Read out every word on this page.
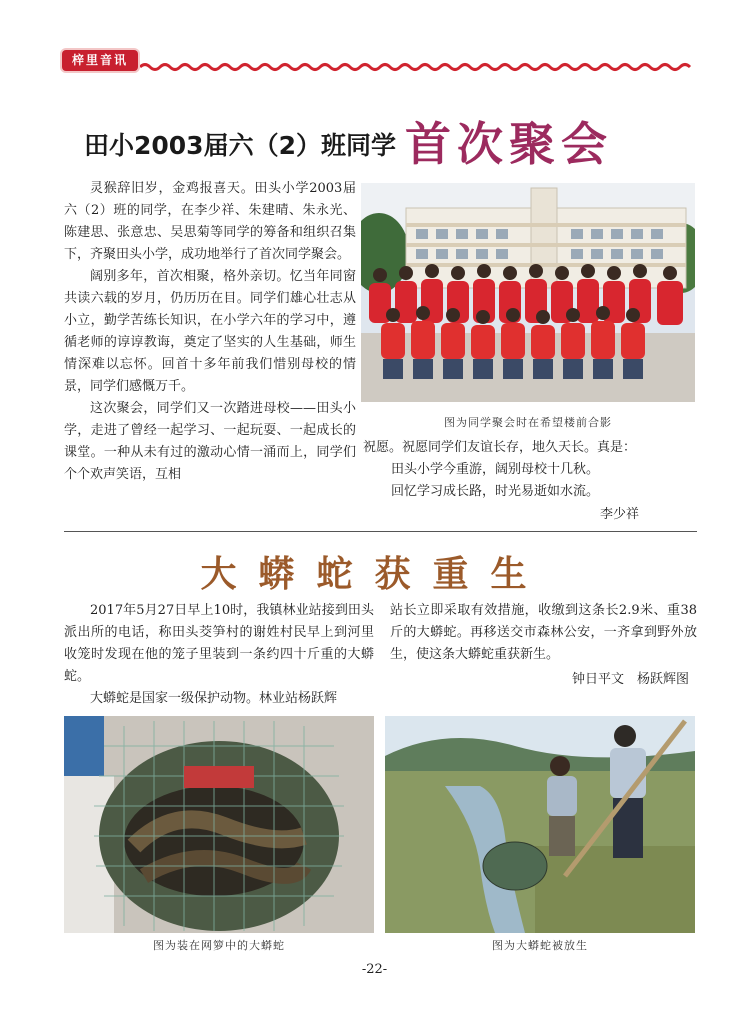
梓里音讯
田小2003届六（2）班同学 首次聚会

灵猴辞旧岁，金鸡报喜天。田头小学2003届六（2）班的同学，在李少祥、朱建晴、朱永光、陈建思、张意忠、吴思菊等同学的筹备和组织召集下，齐聚田头小学，成功地举行了首次同学聚会。

阔别多年，首次相聚，格外亲切。忆当年同窗共读六载的岁月，仍历历在目。同学们雄心壮志从小立，勤学苦练长知识，在小学六年的学习中，遵循老师的谆谆教诲，奠定了坚实的人生基础，师生情深难以忘怀。回首十多年前我们惜别母校的情景，同学们感慨万千。

这次聚会，同学们又一次踏进母校——田头小学，走进了曾经一起学习、一起玩耍、一起成长的课堂。一种从未有过的激动心情一涌而上，同学们个个欢声笑语，互相

图为同学聚会时在希望楼前合影

祝愿。祝愿同学们友谊长存，地久天长。真是：

田头小学今重游，阔别母校十几秋。

回忆学习成长路，时光易逝如水流。

李少祥
大蟒蛇获重生

2017年5月27日早上10时，我镇林业站接到田头派出所的电话，称田头茭笋村的谢姓村民早上到河里收笼时发现在他的笼子里装到一条约四十斤重的大蟒蛇。

大蟒蛇是国家一级保护动物。林业站杨跃辉

站长立即采取有效措施，收缴到这条长2.9米、重38斤的大蟒蛇。再移送交市森林公安，一齐拿到野外放生，使这条大蟒蛇重获新生。

钟日平文　杨跃辉图
图为装在网箩中的大蟒蛇	图为大蟒蛇被放生
-22-
